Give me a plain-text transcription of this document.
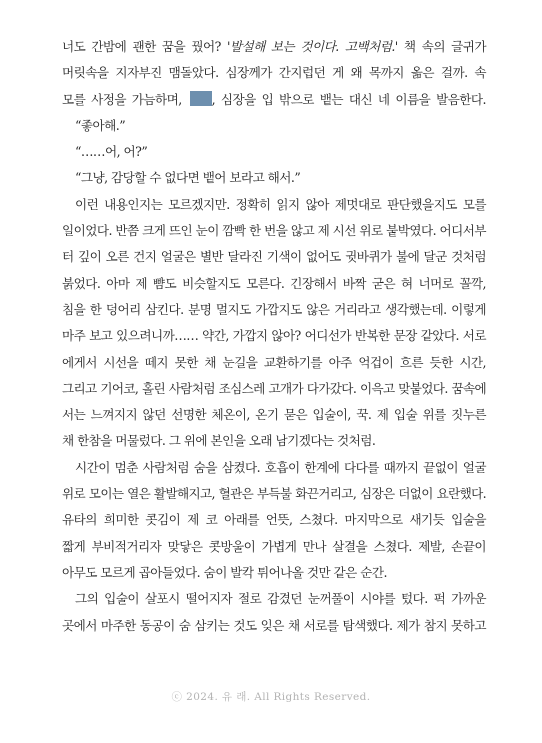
너도 간밤에 괜한 꿈을 꿨어? '발설해 보는 것이다. 고백처럼.' 책 속의 글귀가
머릿속을 지자부진 맴돌았다. 심장께가 간지럽던 게 왜 목까지 옮은 걸까. 속
모를 사정을 가늠하며, , 심장을 입 밖으로 뱉는 대신 네 이름을 발음한다.
“좋아해.”
“……어, 어?”
“그냥, 감당할 수 없다면 뱉어 보라고 해서.”
이런 내용인지는 모르겠지만. 정확히 읽지 않아 제멋대로 판단했을지도 모를
일이었다. 반쯤 크게 뜨인 눈이 깜빡 한 번을 않고 제 시선 위로 붙박였다. 어디서부
터 깊이 오른 건지 얼굴은 별반 달라진 기색이 없어도 귓바퀴가 불에 달군 것처럼
붉었다. 아마 제 뺨도 비슷할지도 모른다. 긴장해서 바짝 굳은 혀 너머로 꼴깍,
침을 한 덩어리 삼킨다. 분명 멀지도 가깝지도 않은 거리라고 생각했는데. 이렇게
마주 보고 있으려니까…… 약간, 가깝지 않아? 어디선가 반복한 문장 같았다. 서로
에게서 시선을 떼지 못한 채 눈길을 교환하기를 아주 억겁이 흐른 듯한 시간,
그리고 기어코, 홀린 사람처럼 조심스레 고개가 다가갔다. 이윽고 맞붙었다. 꿈속에
서는 느껴지지 않던 선명한 체온이, 온기 묻은 입술이, 꾹. 제 입술 위를 짓누른
채 한참을 머물렀다. 그 위에 본인을 오래 남기겠다는 것처럼.
시간이 멈춘 사람처럼 숨을 삼켰다. 호흡이 한계에 다다를 때까지 끝없이 얼굴
위로 모이는 열은 활발해지고, 혈관은 부득불 화끈거리고, 심장은 더없이 요란했다.
유타의 희미한 콧김이 제 코 아래를 언뜻, 스쳤다. 마지막으로 새기듯 입술을
짧게 부비적거리자 맞닿은 콧방울이 가볍게 만나 살결을 스쳤다. 제발, 손끝이
아무도 모르게 곱아들었다. 숨이 발칵 튀어나올 것만 같은 순간.
그의 입술이 살포시 떨어지자 절로 감겼던 눈꺼풀이 시야를 텄다. 퍽 가까운
곳에서 마주한 동공이 숨 삼키는 것도 잊은 채 서로를 탐색했다. 제가 참지 못하고
ⓒ 2024. 유 래. All Rights Reserved.
